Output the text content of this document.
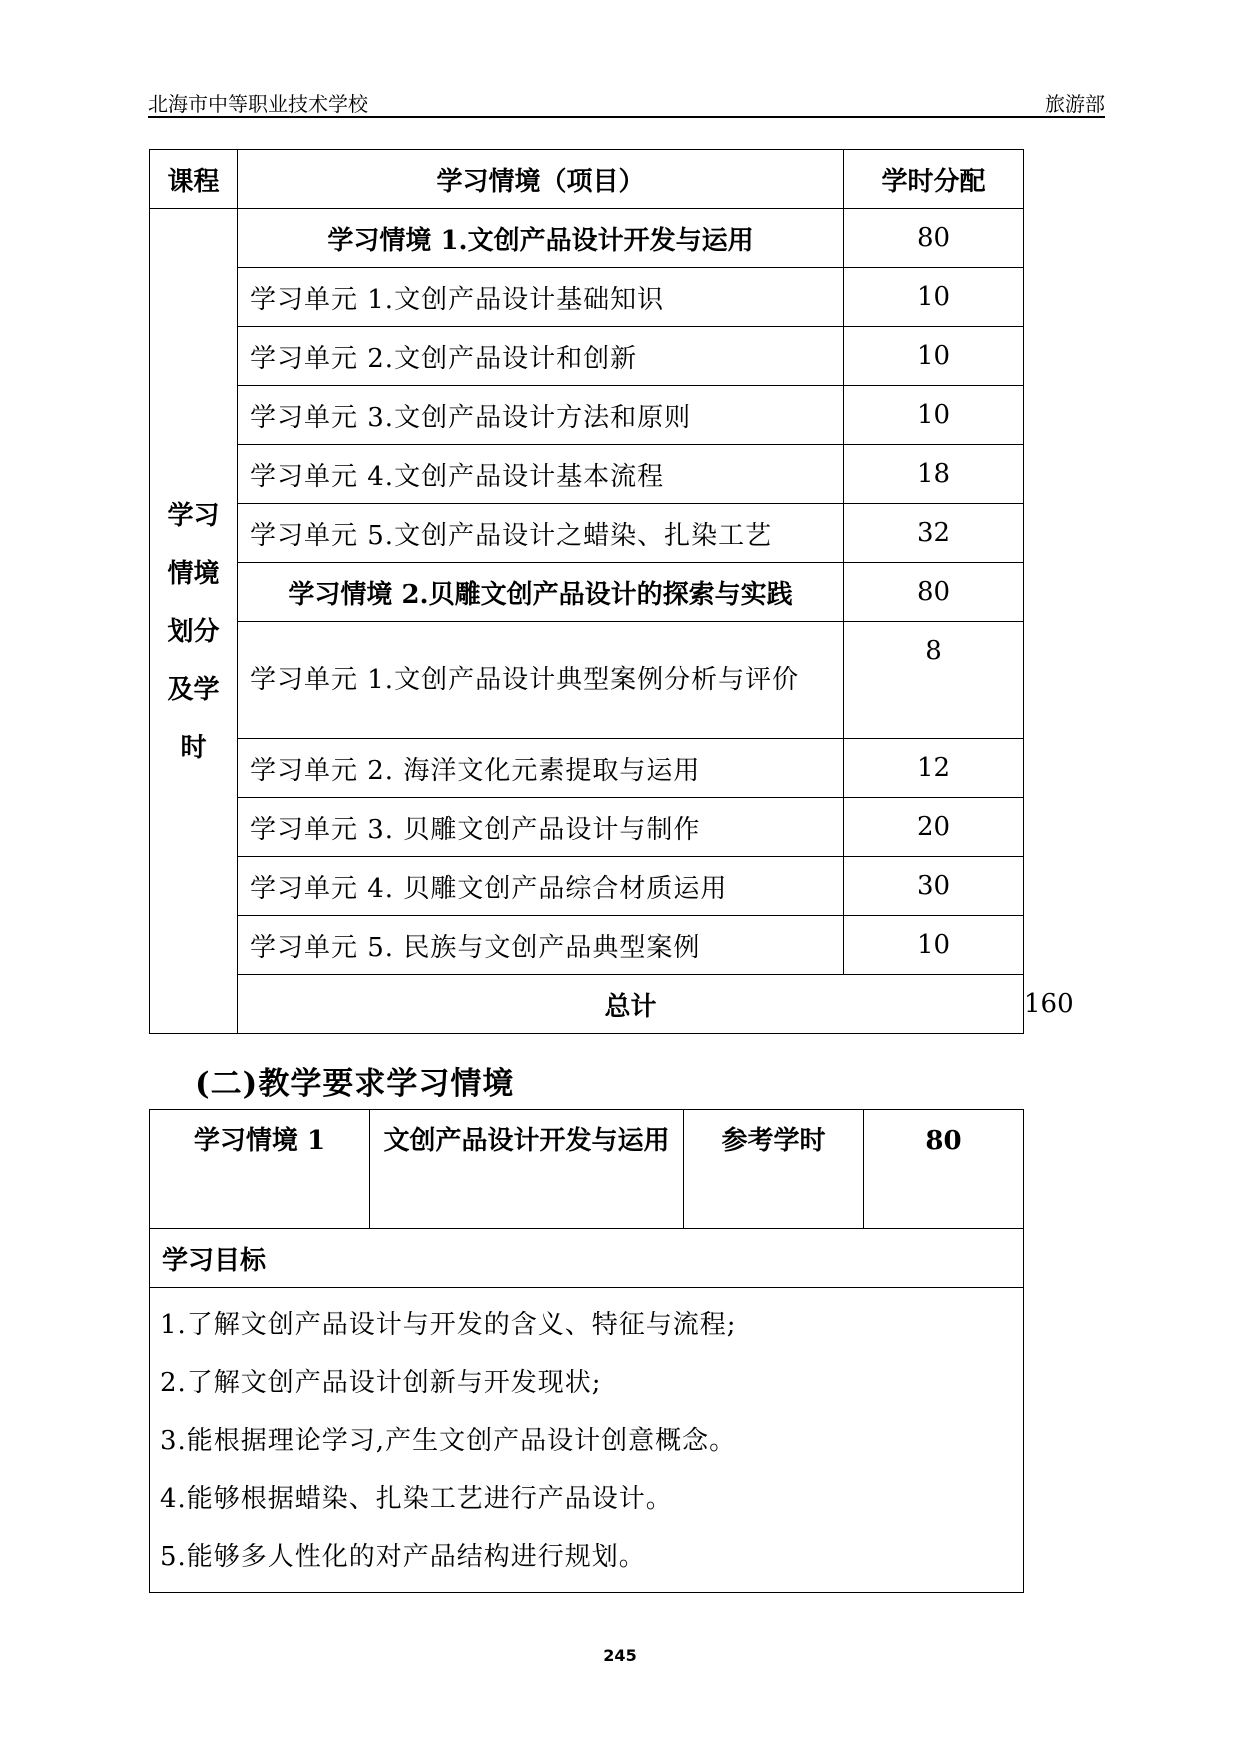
北海市中等职业技术学校	旅游部
课程	学习情境（项目）	学时分配	

学习
情境
划分
及学
时	学习情境 1.文创产品设计开发与运用	80	
	学习单元 1.文创产品设计基础知识	10	
	学习单元 2.文创产品设计和创新	10	
	学习单元 3.文创产品设计方法和原则	10	
	学习单元 4.文创产品设计基本流程	18	
	学习单元 5.文创产品设计之蜡染、扎染工艺	32	
	学习情境 2.贝雕文创产品设计的探索与实践	80	
	学习单元 1.文创产品设计典型案例分析与评价	8	
	学习单元 2. 海洋文化元素提取与运用	12	
	学习单元 3. 贝雕文创产品设计与制作	20	
	学习单元 4. 贝雕文创产品综合材质运用	30	
	学习单元 5. 民族与文创产品典型案例	10	
	总计		160
(二)教学要求学习情境
学习情境 1	文创产品设计开发与运用	参考学时	80
学习目标

1.了解文创产品设计与开发的含义、特征与流程;
2.了解文创产品设计创新与开发现状;
3.能根据理论学习,产生文创产品设计创意概念。
4.能够根据蜡染、扎染工艺进行产品设计。
5.能够多人性化的对产品结构进行规划。
245
